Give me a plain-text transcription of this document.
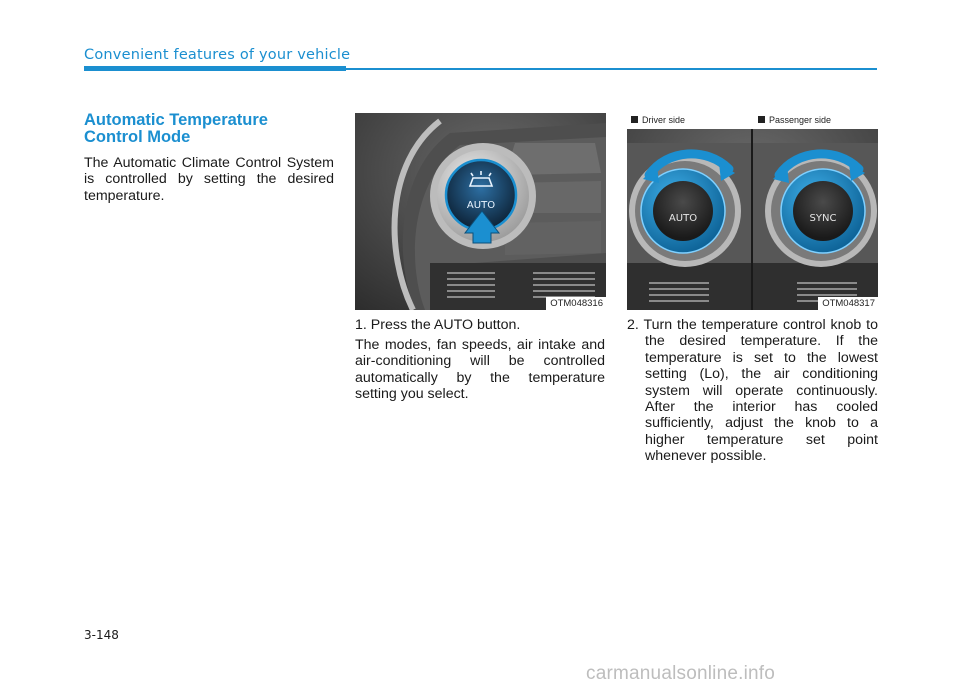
Convenient features of your vehicle
Automatic Temperature
Control Mode
The Automatic Climate Control System is controlled by setting the desired temperature.
AUTO
OTM048316
AUTO	SYNC
Driver side	Passenger side
OTM048317
1. Press the AUTO button.
The modes, fan speeds, air intake and air-conditioning will be controlled automatically by the temperature setting you select.
2. Turn the temperature control knob to the desired temperature. If the temperature is set to the lowest setting (Lo), the air conditioning system will operate continuously. After the interior has cooled sufficiently, adjust the knob to a higher temperature set point whenever possible.
3-148
carmanualsonline.info
